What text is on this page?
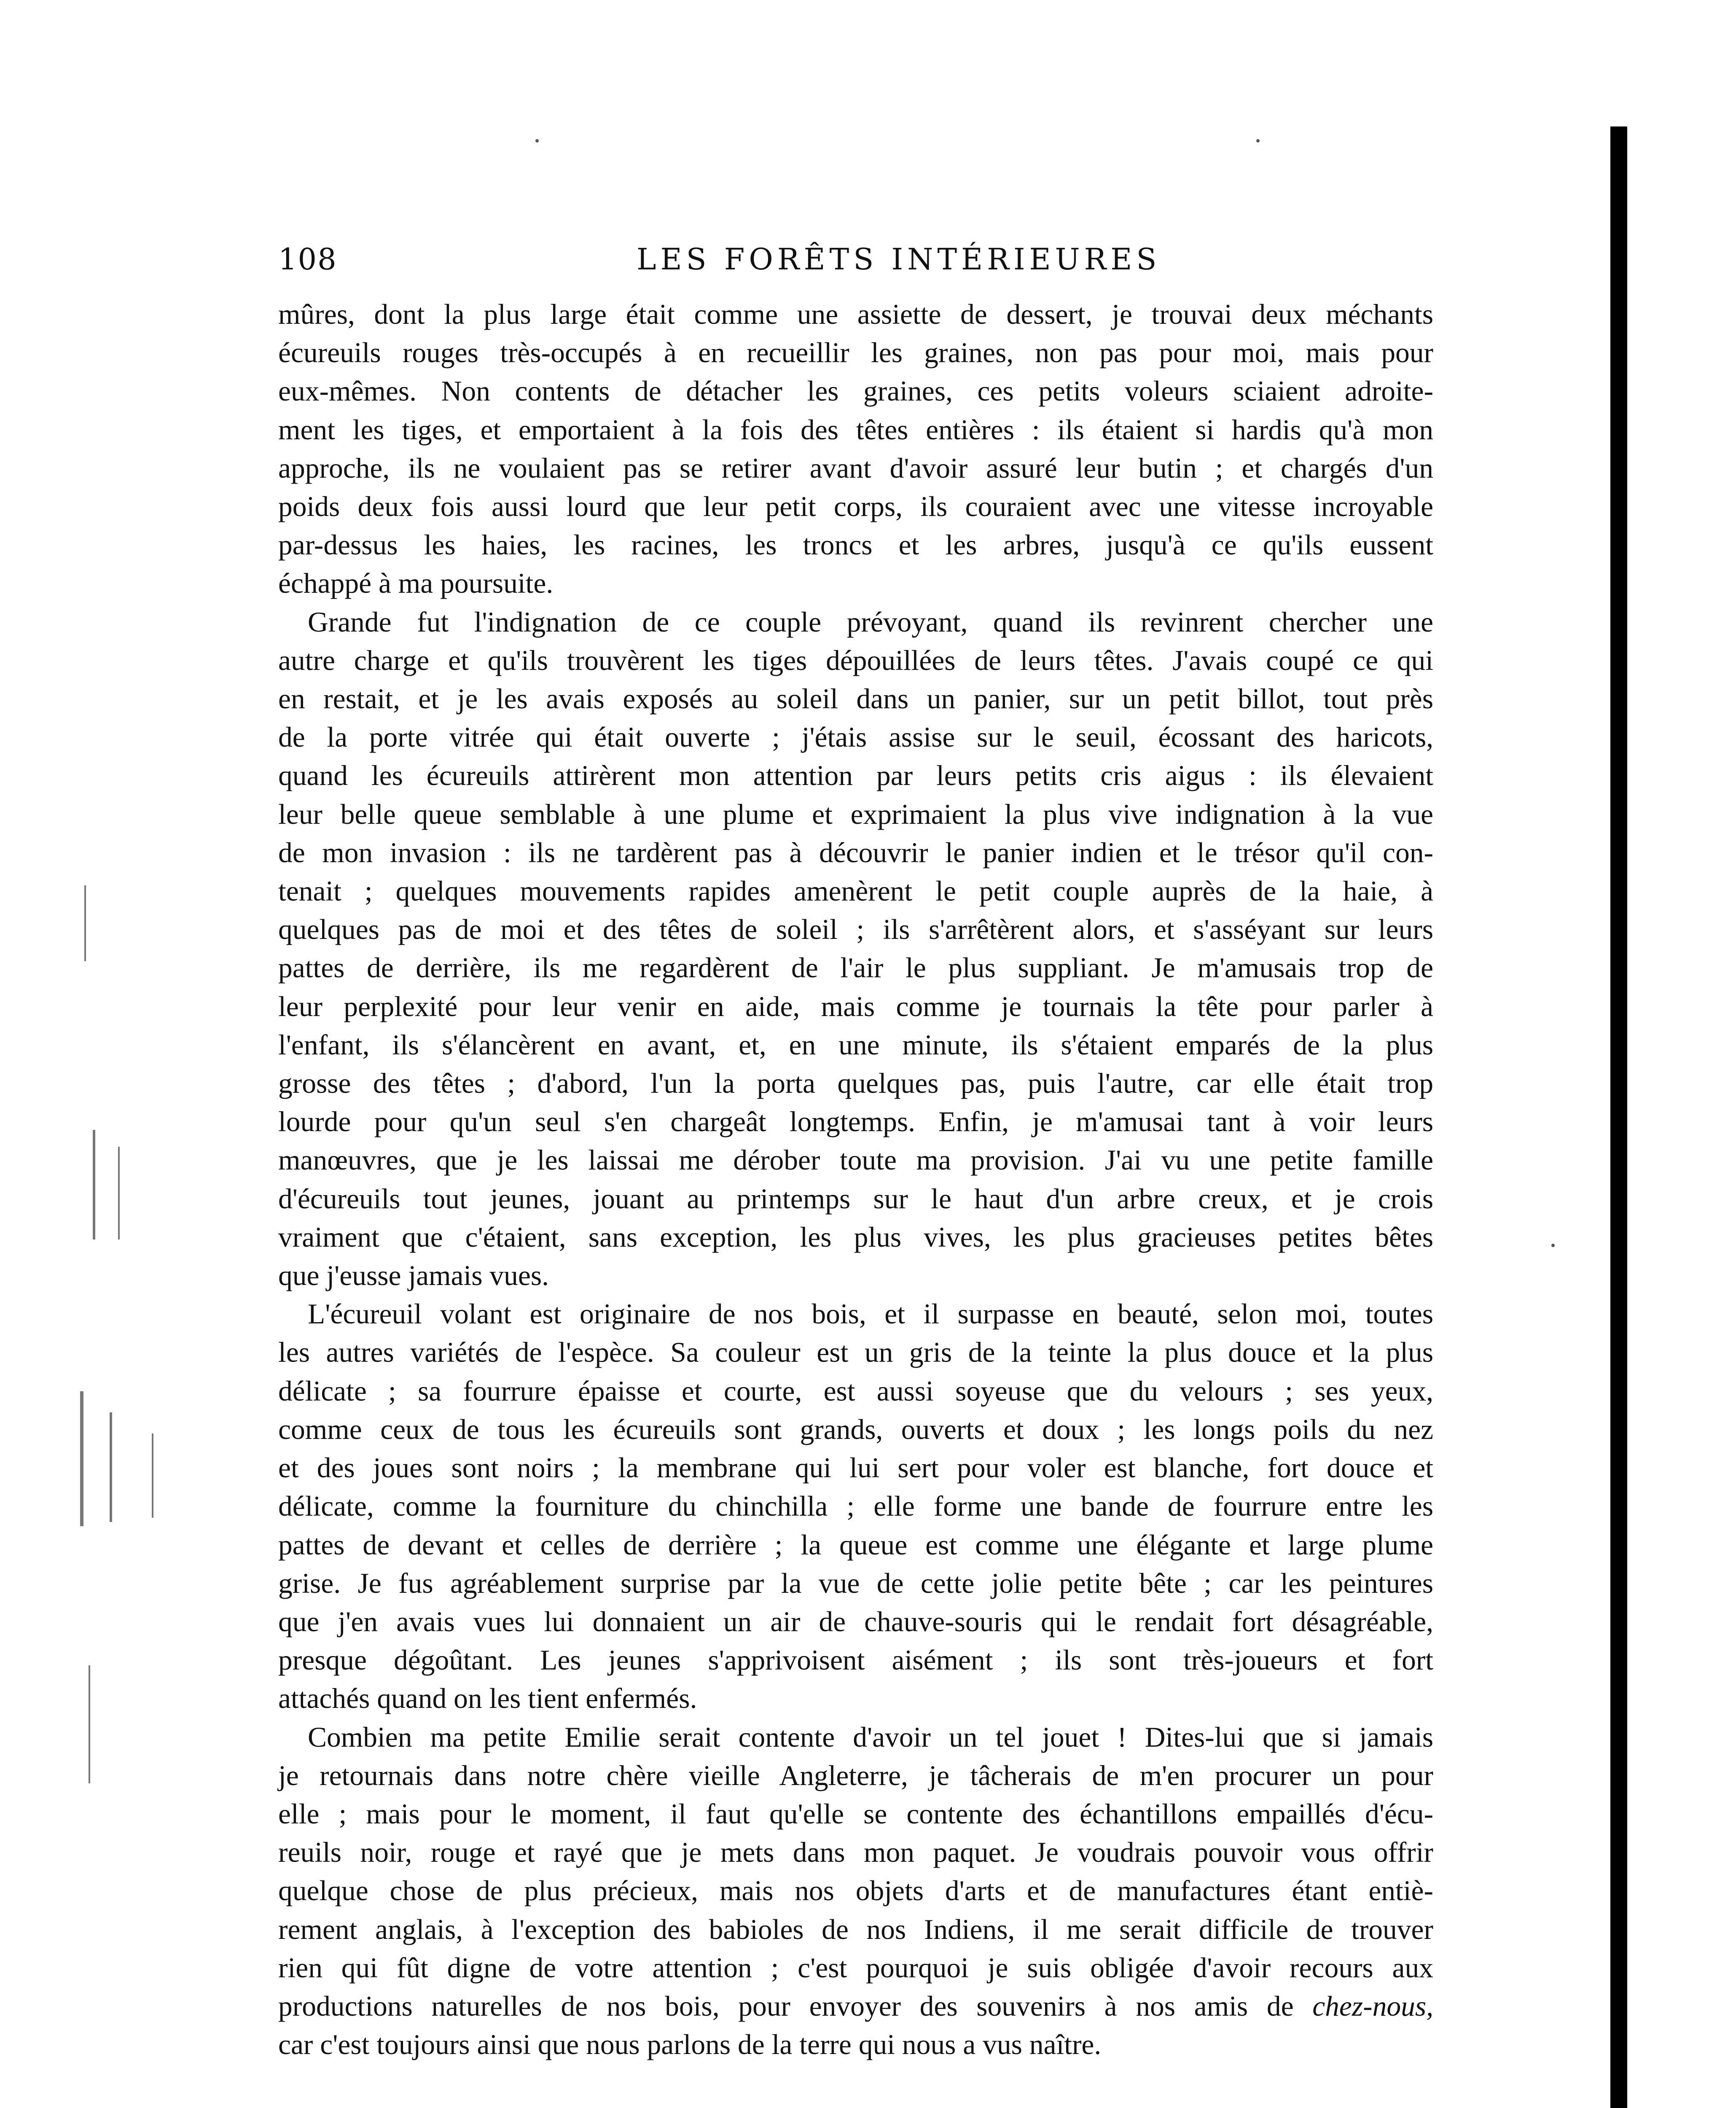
108	LES FORÊTS INTÉRIEURES

mûres, dont la plus large était comme une assiette de dessert, je trouvai deux méchants
écureuils rouges très-occupés à en recueillir les graines, non pas pour moi, mais pour
eux-mêmes. Non contents de détacher les graines, ces petits voleurs sciaient adroite-
ment les tiges, et emportaient à la fois des têtes entières : ils étaient si hardis qu'à mon
approche, ils ne voulaient pas se retirer avant d'avoir assuré leur butin ; et chargés d'un
poids deux fois aussi lourd que leur petit corps, ils couraient avec une vitesse incroyable
par-dessus les haies, les racines, les troncs et les arbres, jusqu'à ce qu'ils eussent

échappé à ma poursuite.

Grande fut l'indignation de ce couple prévoyant, quand ils revinrent chercher une
autre charge et qu'ils trouvèrent les tiges dépouillées de leurs têtes. J'avais coupé ce qui
en restait, et je les avais exposés au soleil dans un panier, sur un petit billot, tout près
de la porte vitrée qui était ouverte ; j'étais assise sur le seuil, écossant des haricots,
quand les écureuils attirèrent mon attention par leurs petits cris aigus : ils élevaient
leur belle queue semblable à une plume et exprimaient la plus vive indignation à la vue
de mon invasion : ils ne tardèrent pas à découvrir le panier indien et le trésor qu'il con-
tenait ; quelques mouvements rapides amenèrent le petit couple auprès de la haie, à
quelques pas de moi et des têtes de soleil ; ils s'arrêtèrent alors, et s'asséyant sur leurs
pattes de derrière, ils me regardèrent de l'air le plus suppliant. Je m'amusais trop de
leur perplexité pour leur venir en aide, mais comme je tournais la tête pour parler à
l'enfant, ils s'élancèrent en avant, et, en une minute, ils s'étaient emparés de la plus
grosse des têtes ; d'abord, l'un la porta quelques pas, puis l'autre, car elle était trop
lourde pour qu'un seul s'en chargeât longtemps. Enfin, je m'amusai tant à voir leurs
manœuvres, que je les laissai me dérober toute ma provision. J'ai vu une petite famille
d'écureuils tout jeunes, jouant au printemps sur le haut d'un arbre creux, et je crois
vraiment que c'étaient, sans exception, les plus vives, les plus gracieuses petites bêtes

que j'eusse jamais vues.

L'écureuil volant est originaire de nos bois, et il surpasse en beauté, selon moi, toutes
les autres variétés de l'espèce. Sa couleur est un gris de la teinte la plus douce et la plus
délicate ; sa fourrure épaisse et courte, est aussi soyeuse que du velours ; ses yeux,
comme ceux de tous les écureuils sont grands, ouverts et doux ; les longs poils du nez
et des joues sont noirs ; la membrane qui lui sert pour voler est blanche, fort douce et
délicate, comme la fourniture du chinchilla ; elle forme une bande de fourrure entre les
pattes de devant et celles de derrière ; la queue est comme une élégante et large plume
grise. Je fus agréablement surprise par la vue de cette jolie petite bête ; car les peintures
que j'en avais vues lui donnaient un air de chauve-souris qui le rendait fort désagréable,
presque dégoûtant. Les jeunes s'apprivoisent aisément ; ils sont très-joueurs et fort

attachés quand on les tient enfermés.

Combien ma petite Emilie serait contente d'avoir un tel jouet ! Dites-lui que si jamais
je retournais dans notre chère vieille Angleterre, je tâcherais de m'en procurer un pour
elle ; mais pour le moment, il faut qu'elle se contente des échantillons empaillés d'écu-
reuils noir, rouge et rayé que je mets dans mon paquet. Je voudrais pouvoir vous offrir
quelque chose de plus précieux, mais nos objets d'arts et de manufactures étant entiè-
rement anglais, à l'exception des babioles de nos Indiens, il me serait difficile de trouver
rien qui fût digne de votre attention ; c'est pourquoi je suis obligée d'avoir recours aux
productions naturelles de nos bois, pour envoyer des souvenirs à nos amis de chez-nous,

car c'est toujours ainsi que nous parlons de la terre qui nous a vus naître.
